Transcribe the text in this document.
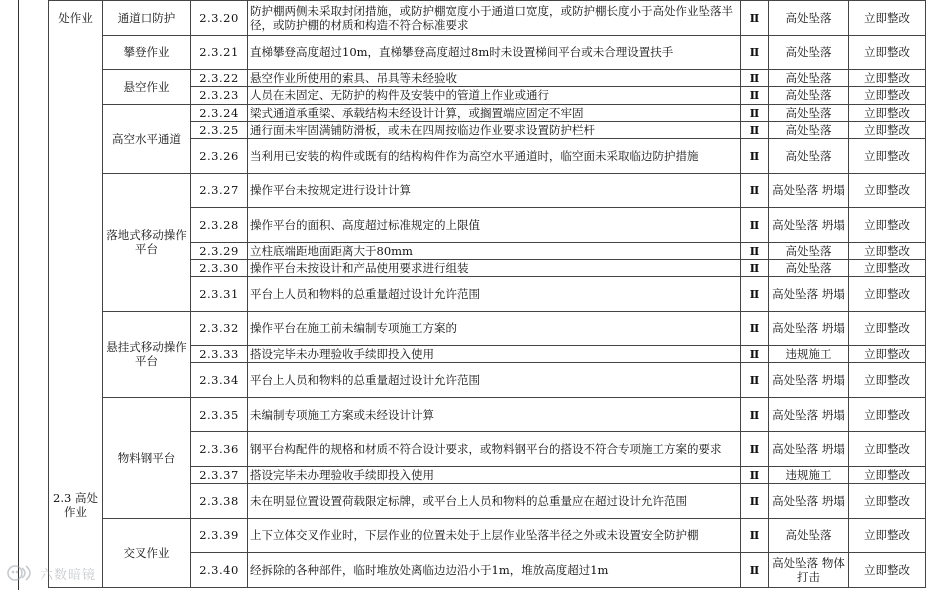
处作业
2.3 高处作业	通道口防护	2.3.20	防护棚两侧未采取封闭措施，或防护棚宽度小于通道口宽度，或防护棚长度小于高处作业坠落半径，或防护棚的材质和构造不符合标准要求	Ⅱ	高处坠落	立即整改
	攀登作业	2.3.21	直梯攀登高度超过10m，直梯攀登高度超过8m时未设置梯间平台或未合理设置扶手	Ⅱ	高处坠落	立即整改
	悬空作业	2.3.22	悬空作业所使用的索具、吊具等未经验收	Ⅱ	高处坠落	立即整改
		2.3.23	人员在未固定、无防护的构件及安装中的管道上作业或通行	Ⅱ	高处坠落	立即整改
	高空水平通道	2.3.24	梁式通道承重梁、承载结构未经设计计算，或搁置端应固定不牢固	Ⅱ	高处坠落	立即整改
		2.3.25	通行面未牢固满铺防滑板，或未在四周按临边作业要求设置防护栏杆	Ⅱ	高处坠落	立即整改
		2.3.26	当利用已安装的构件或既有的结构构件作为高空水平通道时，临空面未采取临边防护措施	Ⅱ	高处坠落	立即整改
	落地式移动操作平台	2.3.27	操作平台未按规定进行设计计算	Ⅱ	高处坠落 坍塌	立即整改
		2.3.28	操作平台的面积、高度超过标准规定的上限值	Ⅱ	高处坠落 坍塌	立即整改
		2.3.29	立柱底端距地面距离大于80mm	Ⅱ	高处坠落	立即整改
		2.3.30	操作平台未按设计和产品使用要求进行组装	Ⅱ	高处坠落	立即整改
		2.3.31	平台上人员和物料的总重量超过设计允许范围	Ⅱ	高处坠落 坍塌	立即整改
	悬挂式移动操作平台	2.3.32	操作平台在施工前未编制专项施工方案的	Ⅱ	高处坠落 坍塌	立即整改
		2.3.33	搭设完毕未办理验收手续即投入使用	Ⅱ	违规施工	立即整改
		2.3.34	平台上人员和物料的总重量超过设计允许范围	Ⅱ	高处坠落 坍塌	立即整改
	物料钢平台	2.3.35	未编制专项施工方案或未经设计计算	Ⅱ	高处坠落 坍塌	立即整改
		2.3.36	钢平台构配件的规格和材质不符合设计要求，或物料钢平台的搭设不符合专项施工方案的要求	Ⅱ	高处坠落 坍塌	立即整改
		2.3.37	搭设完毕未办理验收手续即投入使用	Ⅱ	违规施工	立即整改
		2.3.38	未在明显位置设置荷载限定标牌，或平台上人员和物料的总重量应在超过设计允许范围	Ⅱ	高处坠落 坍塌	立即整改
	交叉作业	2.3.39	上下立体交叉作业时，下层作业的位置未处于上层作业坠落半径之外或未设置安全防护棚	Ⅱ	高处坠落	立即整改
		2.3.40	经拆除的各种部件，临时堆放处离临边边沿小于1m，堆放高度超过1m	Ⅱ	高处坠落 物体打击	立即整改
六数暗镜
